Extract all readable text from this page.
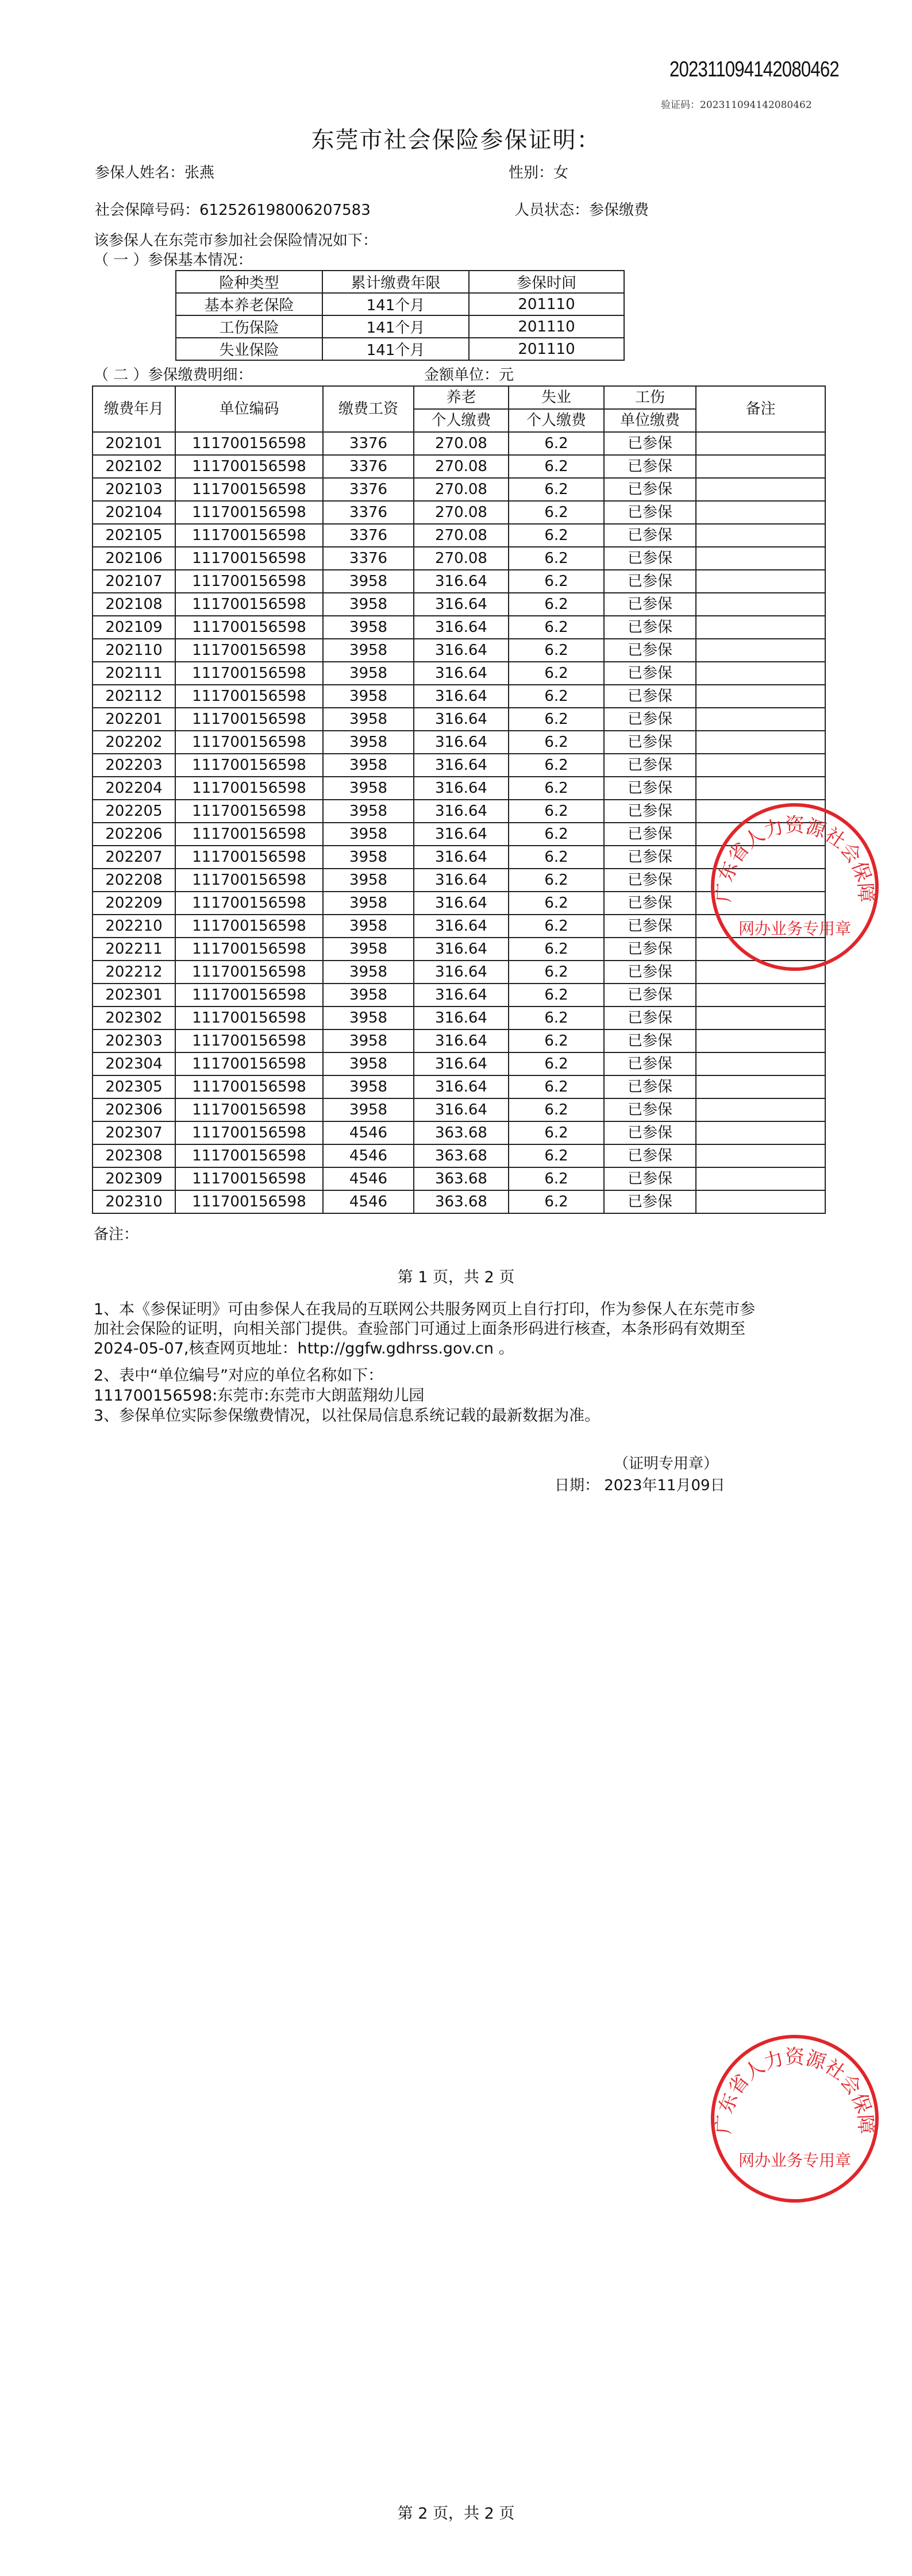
20231109414208046​2
验证码：20231109414208046​2
东莞市社会保险参保证明：
参保人姓名：张燕	性别：女
社会保障号码：612526198006207583	人员状态：参保缴费
该参保人在东莞市参加社会保险情况如下：
（ 一 ）参保基本情况：
险种类型	累计缴费年限	参保时间
基本养老保险	141个月	201110
工伤保险	141个月	201110
失业保险	141个月	201110
（ 二 ）参保缴费明细：	金额单位：元
缴费年月	单位编码	缴费工资	养老	失业	工伤	备注
			个人缴费	个人缴费	单位缴费	
202101	111700156598	3376	270.08	6.2	已参保	
202102	111700156598	3376	270.08	6.2	已参保	
202103	111700156598	3376	270.08	6.2	已参保	
202104	111700156598	3376	270.08	6.2	已参保	
202105	111700156598	3376	270.08	6.2	已参保	
202106	111700156598	3376	270.08	6.2	已参保	
202107	111700156598	3958	316.64	6.2	已参保	
202108	111700156598	3958	316.64	6.2	已参保	
202109	111700156598	3958	316.64	6.2	已参保	
202110	111700156598	3958	316.64	6.2	已参保	
202111	111700156598	3958	316.64	6.2	已参保	
202112	111700156598	3958	316.64	6.2	已参保	
202201	111700156598	3958	316.64	6.2	已参保	
202202	111700156598	3958	316.64	6.2	已参保	
202203	111700156598	3958	316.64	6.2	已参保	
202204	111700156598	3958	316.64	6.2	已参保	
202205	111700156598	3958	316.64	6.2	已参保	
202206	111700156598	3958	316.64	6.2	已参保	
202207	111700156598	3958	316.64	6.2	已参保	
202208	111700156598	3958	316.64	6.2	已参保	
202209	111700156598	3958	316.64	6.2	已参保	
202210	111700156598	3958	316.64	6.2	已参保	
202211	111700156598	3958	316.64	6.2	已参保	
202212	111700156598	3958	316.64	6.2	已参保	
202301	111700156598	3958	316.64	6.2	已参保	
202302	111700156598	3958	316.64	6.2	已参保	
202303	111700156598	3958	316.64	6.2	已参保	
202304	111700156598	3958	316.64	6.2	已参保	
202305	111700156598	3958	316.64	6.2	已参保	
202306	111700156598	3958	316.64	6.2	已参保	
202307	111700156598	4546	363.68	6.2	已参保	
202308	111700156598	4546	363.68	6.2	已参保	
202309	111700156598	4546	363.68	6.2	已参保	
202310	111700156598	4546	363.68	6.2	已参保	
备注：
第 1 页，共 2 页
1、本《参保证明》可由参保人在我局的互联网公共服务网页上自行打印，作为参保人在东莞市参
加社会保险的证明，向相关部门提供。查验部门可通过上面条形码进行核查，本条形码有效期至
2024-05-07,核查网页地址：http://ggfw.gdhrss.gov.cn 。
2、表中“单位编号”对应的单位名称如下：
111700156598:东莞市:东莞市大朗蓝翔幼儿园
3、参保单位实际参保缴费情况，以社保局信息系统记载的最新数据为准。
（证明专用章）
日期： 2023年11月09日
第 2 页，共 2 页
广东省人力资源社会保障
网办业务专用章
广东省人力资源社会保障
网办业务专用章
